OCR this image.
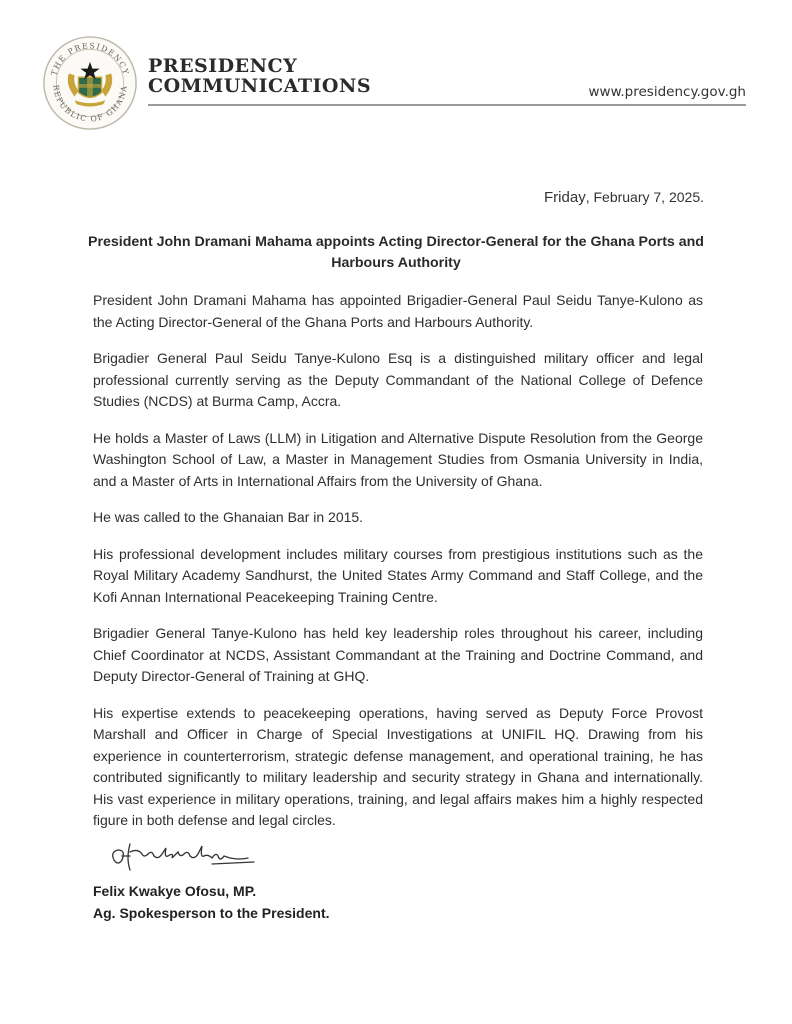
THE PRESIDENCY
REPUBLIC OF GHANA
PRESIDENCY
COMMUNICATIONS	www.presidency.gov.gh
Friday, February 7, 2025.
President John Dramani Mahama appoints Acting Director-General for the Ghana Ports and Harbours Authority

President John Dramani Mahama has appointed Brigadier-General Paul Seidu Tanye-Kulono as the Acting Director-General of the Ghana Ports and Harbours Authority.

Brigadier General Paul Seidu Tanye-Kulono Esq is a distinguished military officer and legal professional currently serving as the Deputy Commandant of the National College of Defence Studies (NCDS) at Burma Camp, Accra.

He holds a Master of Laws (LLM) in Litigation and Alternative Dispute Resolution from the George Washington School of Law, a Master in Management Studies from Osmania University in India, and a Master of Arts in International Affairs from the University of Ghana.

He was called to the Ghanaian Bar in 2015.

His professional development includes military courses from prestigious institutions such as the Royal Military Academy Sandhurst, the United States Army Command and Staff College, and the Kofi Annan International Peacekeeping Training Centre.

Brigadier General Tanye-Kulono has held key leadership roles throughout his career, including Chief Coordinator at NCDS, Assistant Commandant at the Training and Doctrine Command, and Deputy Director-General of Training at GHQ.

His expertise extends to peacekeeping operations, having served as Deputy Force Provost Marshall and Officer in Charge of Special Investigations at UNIFIL HQ. Drawing from his experience in counterterrorism, strategic defense management, and operational training, he has contributed significantly to military leadership and security strategy in Ghana and internationally. His vast experience in military operations, training, and legal affairs makes him a highly respected figure in both defense and legal circles.

Felix Kwakye Ofosu, MP.
Ag. Spokesperson to the President.
